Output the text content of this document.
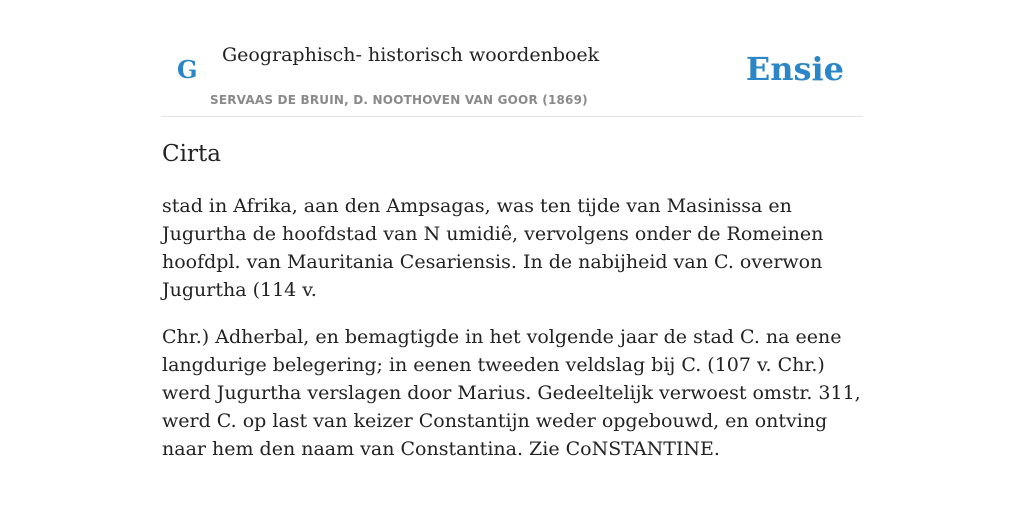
G Geographisch- historisch woordenboek
SERVAAS DE BRUIN, D. NOOTHOVEN VAN GOOR (1869)
Ensie
Cirta

stad in Afrika, aan den Ampsagas, was ten tijde van Masinissa en Jugurtha de hoofdstad van N umidiê, vervolgens onder de Romeinen hoofdpl. van Mauritania Cesariensis. In de nabijheid van C. overwon Jugurtha (114 v.

Chr.) Adherbal, en bemagtigde in het volgende jaar de stad C. na eene langdurige belegering; in eenen tweeden veldslag bij C. (107 v. Chr.) werd Jugurtha verslagen door Marius. Gedeeltelijk verwoest omstr. 311, werd C. op last van keizer Constantijn weder opgebouwd, en ontving naar hem den naam van Constantina. Zie CoNSTANTINE.
